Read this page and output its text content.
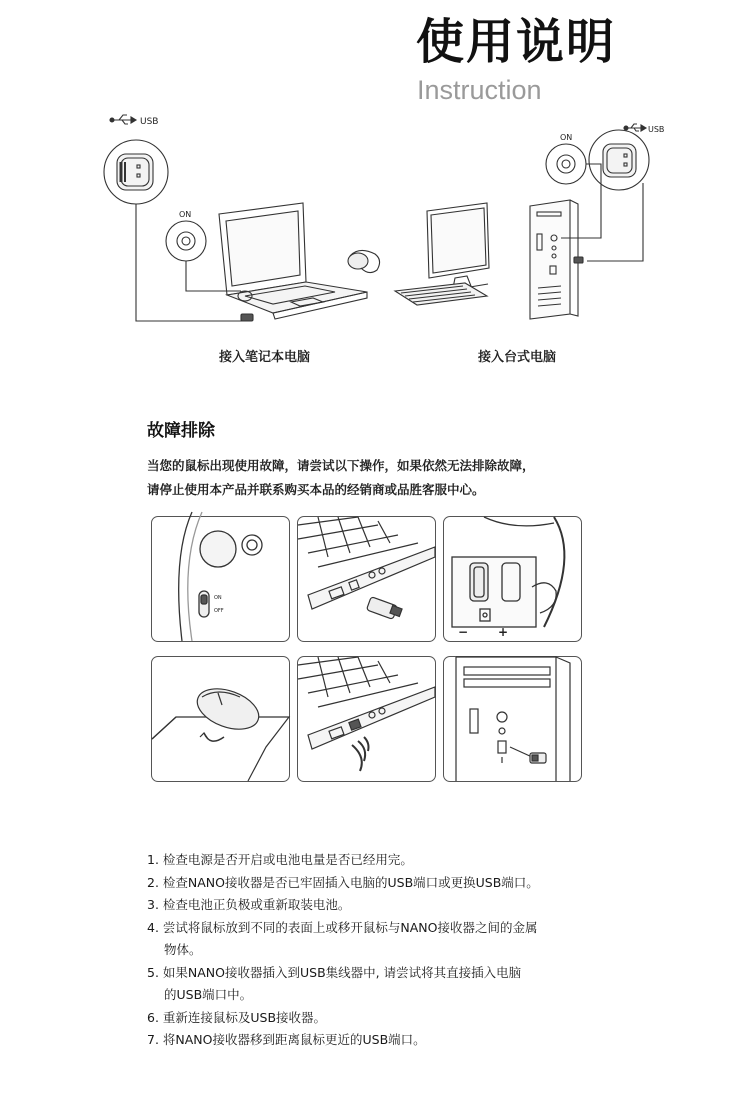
使用说明
Instruction
USB
USB
ON
ON
接入笔记本电脑	接入台式电脑
故障排除
当您的鼠标出现使用故障，请尝试以下操作，如果依然无法排除故障，
请停止使用本产品并联系购买本品的经销商或品胜客服中心。
ON
OFF
− +
1. 检查电源是否开启或电池电量是否已经用完。
2. 检查NANO接收器是否已牢固插入电脑的USB端口或更换USB端口。
3. 检查电池正负极或重新取装电池。
4. 尝试将鼠标放到不同的表面上或移开鼠标与NANO接收器之间的金属
物体。
5. 如果NANO接收器插入到USB集线器中, 请尝试将其直接插入电脑
的USB端口中。
6. 重新连接鼠标及USB接收器。
7. 将NANO接收器移到距离鼠标更近的USB端口。
